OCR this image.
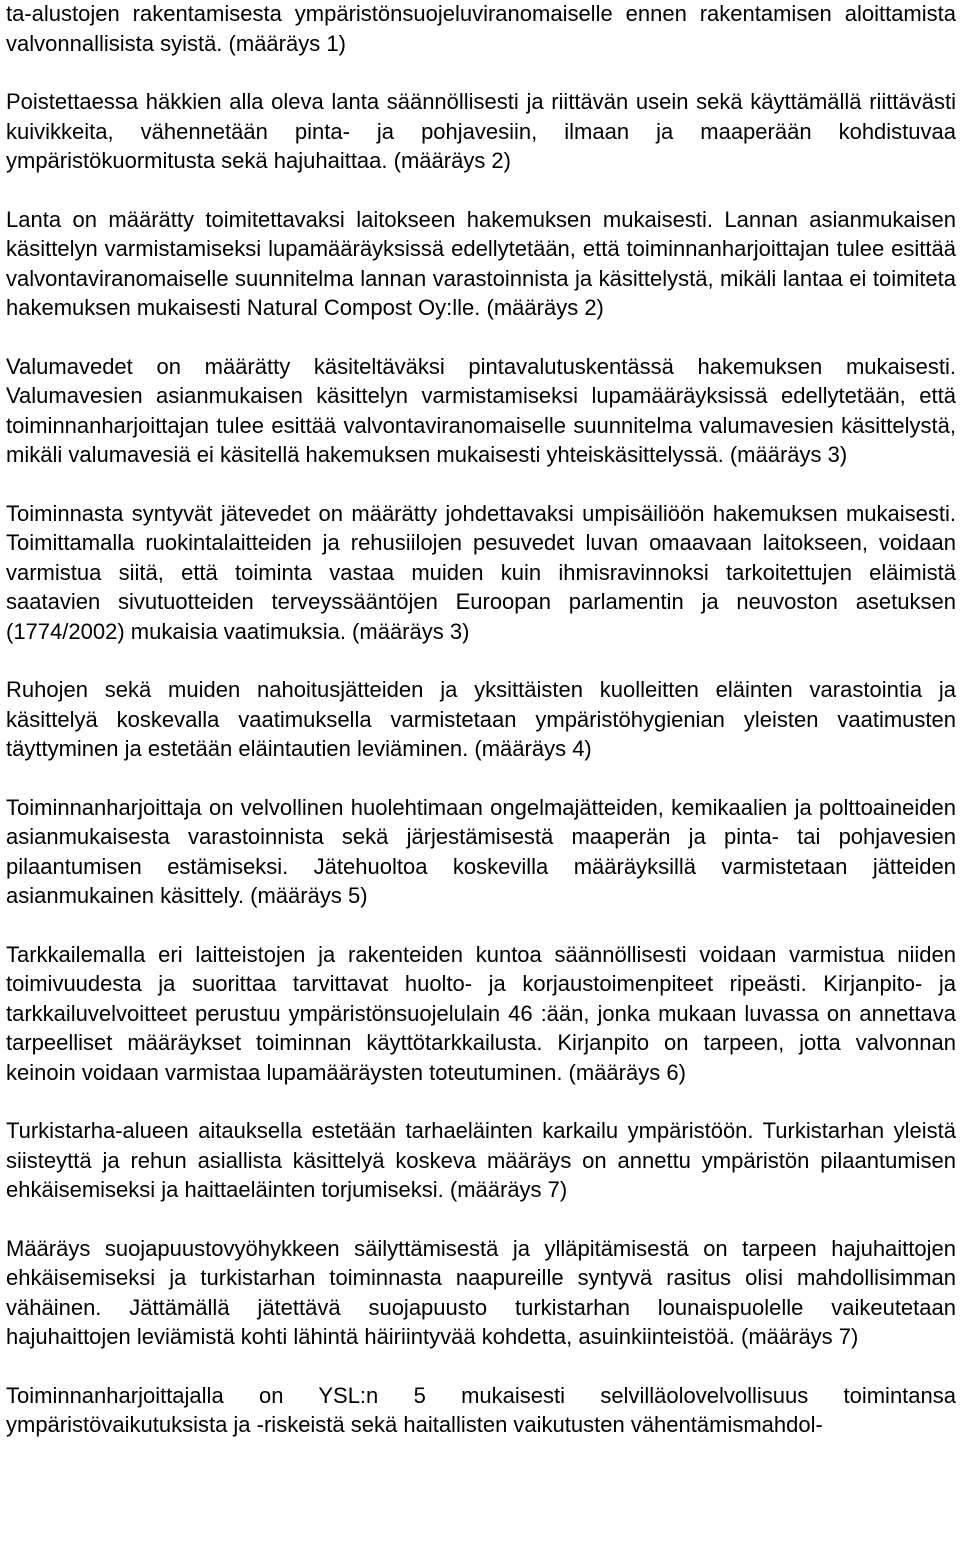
ta-alustojen rakentamisesta ympäristönsuojeluviranomaiselle ennen rakentamisen aloittamista valvonnallisista syistä. (määräys 1)

Poistettaessa häkkien alla oleva lanta säännöllisesti ja riittävän usein sekä käyttämällä riittävästi kuivikkeita, vähennetään pinta- ja pohjavesiin, ilmaan ja maaperään kohdistuvaa ympäristökuormitusta sekä hajuhaittaa. (määräys 2)

Lanta on määrätty toimitettavaksi laitokseen hakemuksen mukaisesti. Lannan asianmukaisen käsittelyn varmistamiseksi lupamääräyksissä edellytetään, että toiminnanharjoittajan tulee esittää valvontaviranomaiselle suunnitelma lannan varastoinnista ja käsittelystä, mikäli lantaa ei toimiteta hakemuksen mukaisesti Natural Compost Oy:lle. (määräys 2)

Valumavedet on määrätty käsiteltäväksi pintavalutuskentässä hakemuksen mukaisesti. Valumavesien asianmukaisen käsittelyn varmistamiseksi lupamääräyksissä edellytetään, että toiminnanharjoittajan tulee esittää valvontaviranomaiselle suunnitelma valumavesien käsittelystä, mikäli valumavesiä ei käsitellä hakemuksen mukaisesti yhteiskäsittelyssä. (määräys 3)

Toiminnasta syntyvät jätevedet on määrätty johdettavaksi umpisäiliöön hakemuksen mukaisesti. Toimittamalla ruokintalaitteiden ja rehusiilojen pesuvedet luvan omaavaan laitokseen, voidaan varmistua siitä, että toiminta vastaa muiden kuin ihmisravinnoksi tarkoitettujen eläimistä saatavien sivutuotteiden terveyssääntöjen Euroopan parlamentin ja neuvoston asetuksen (1774/2002) mukaisia vaatimuksia. (määräys 3)

Ruhojen sekä muiden nahoitusjätteiden ja yksittäisten kuolleitten eläinten varastointia ja käsittelyä koskevalla vaatimuksella varmistetaan ympäristöhygienian yleisten vaatimusten täyttyminen ja estetään eläintautien leviäminen. (määräys 4)

Toiminnanharjoittaja on velvollinen huolehtimaan ongelmajätteiden, kemikaalien ja polttoaineiden asianmukaisesta varastoinnista sekä järjestämisestä maaperän ja pinta- tai pohjavesien pilaantumisen estämiseksi. Jätehuoltoa koskevilla määräyksillä varmistetaan jätteiden asianmukainen käsittely. (määräys 5)

Tarkkailemalla eri laitteistojen ja rakenteiden kuntoa säännöllisesti voidaan varmistua niiden toimivuudesta ja suorittaa tarvittavat huolto- ja korjaustoimenpiteet ripeästi. Kirjanpito- ja tarkkailuvelvoitteet perustuu ympäristönsuojelulain 46 :ään, jonka mukaan luvassa on annettava tarpeelliset määräykset toiminnan käyttötarkkailusta. Kirjanpito on tarpeen, jotta valvonnan keinoin voidaan varmistaa lupamääräysten toteutuminen. (määräys 6)

Turkistarha-alueen aitauksella estetään tarhaeläinten karkailu ympäristöön. Turkistarhan yleistä siisteyttä ja rehun asiallista käsittelyä koskeva määräys on annettu ympäristön pilaantumisen ehkäisemiseksi ja haittaeläinten torjumiseksi. (määräys 7)

Määräys suojapuustovyöhykkeen säilyttämisestä ja ylläpitämisestä on tarpeen hajuhaittojen ehkäisemiseksi ja turkistarhan toiminnasta naapureille syntyvä rasitus olisi mahdollisimman vähäinen. Jättämällä jätettävä suojapuusto turkistarhan lounaispuolelle vaikeutetaan hajuhaittojen leviämistä kohti lähintä häiriintyvää kohdetta, asuinkiinteistöä. (määräys 7)

Toiminnanharjoittajalla on YSL:n 5 mukaisesti selvilläolovelvollisuus toimintansa ympäristövaikutuksista ja -riskeistä sekä haitallisten vaikutusten vähentämismahdol-
